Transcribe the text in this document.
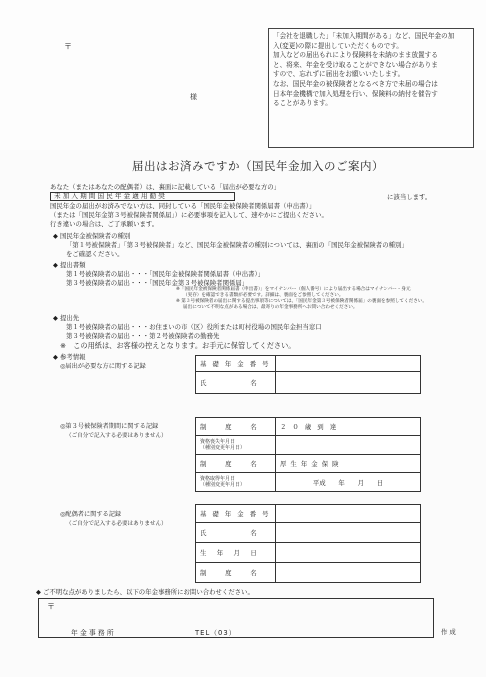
〒
様

「会社を退職した」「未加入期間がある」など、国民年金の加

入(変更)の際に提出していただくものです。

加入などの届出もれにより保険料を未納のまま放置する

と、将来、年金を受け取ることができない場合がありま

すので、忘れずに届出をお願いいたします。

なお、国民年金の被保険者となるべき方で未届の場合は

日本年金機構で加入処理を行い、保険料の納付を催告す

ることがあります。

届出はお済みですか（国民年金加入のご案内）
あなた（またはあなたの配偶者）は、裏面に記載している「届出が必要な方の」
未 加 入 期 間 国 民 年 金 適 用 勧 奨	に該当します。
国民年金の届出がお済みでない方は、同封している「国民年金被保険者関係届書（申出書）」
（または「国民年金第３号被保険者関係届」）に必要事項を記入して、速やかにご提出ください。
行き違いの場合は、ご了承願います。
◆ 国民年金被保険者の種別
「第１号被保険者」「第３号被保険者」など、国民年金被保険者の種別については、裏面の「国民年金被保険者の種別」
をご確認ください。
◆ 提出書類
第１号被保険者の届出・・・「国民年金被保険者関係届書（申出書）」
第３号被保険者の届出・・・「国民年金第３号被保険者関係届」
※「国民年金被保険者関係届書（申出書）」をマイナンバー（個人番号）により届出する場合はマイナンバー・身元
（実存）を確認できる書類が必要です。詳細は、裏面をご参照してください。
※ 第３号被保険者の届出に関する提出事項等については、「国民年金第３号被保険者関係届」の裏面を参照してください。
届出について不明な点がある場合は、最寄りの年金事務所へお問い合わせください。
◆ 提出先
第１号被保険者の届出・・・お住まいの市（区）役所または町村役場の国民年金担当窓口
第３号被保険者の届出・・・第２号被保険者の勤務先
※　この用紙は、お客様の控えとなります。お手元に保管してください。
◆ 参考情報
◎届出が必要な方に関する記録	基 礎 年 金 番 号	
氏　　　　　名	
◎第３号被保険者期間に関する記録
（ご自分で記入する必要はありません）
制　　度　　名	２ ０ 歳 到 達
資格喪失年月日
（種別変更年月日）	
制　　度　　名	厚 生 年 金 保 険
資格取得年月日
（種別変更年月日）	平成　　年　　月　　日
◎配偶者に関する記録
（ご自分で記入する必要はありません）
基 礎 年 金 番 号	
氏　　　　　名	
生　年　月　日	
制　　度　　名	
◆ ご不明な点がありましたら、以下の年金事務所にお問い合わせください。
〒
年 金 事 務 所	TEL（03）	作 成
